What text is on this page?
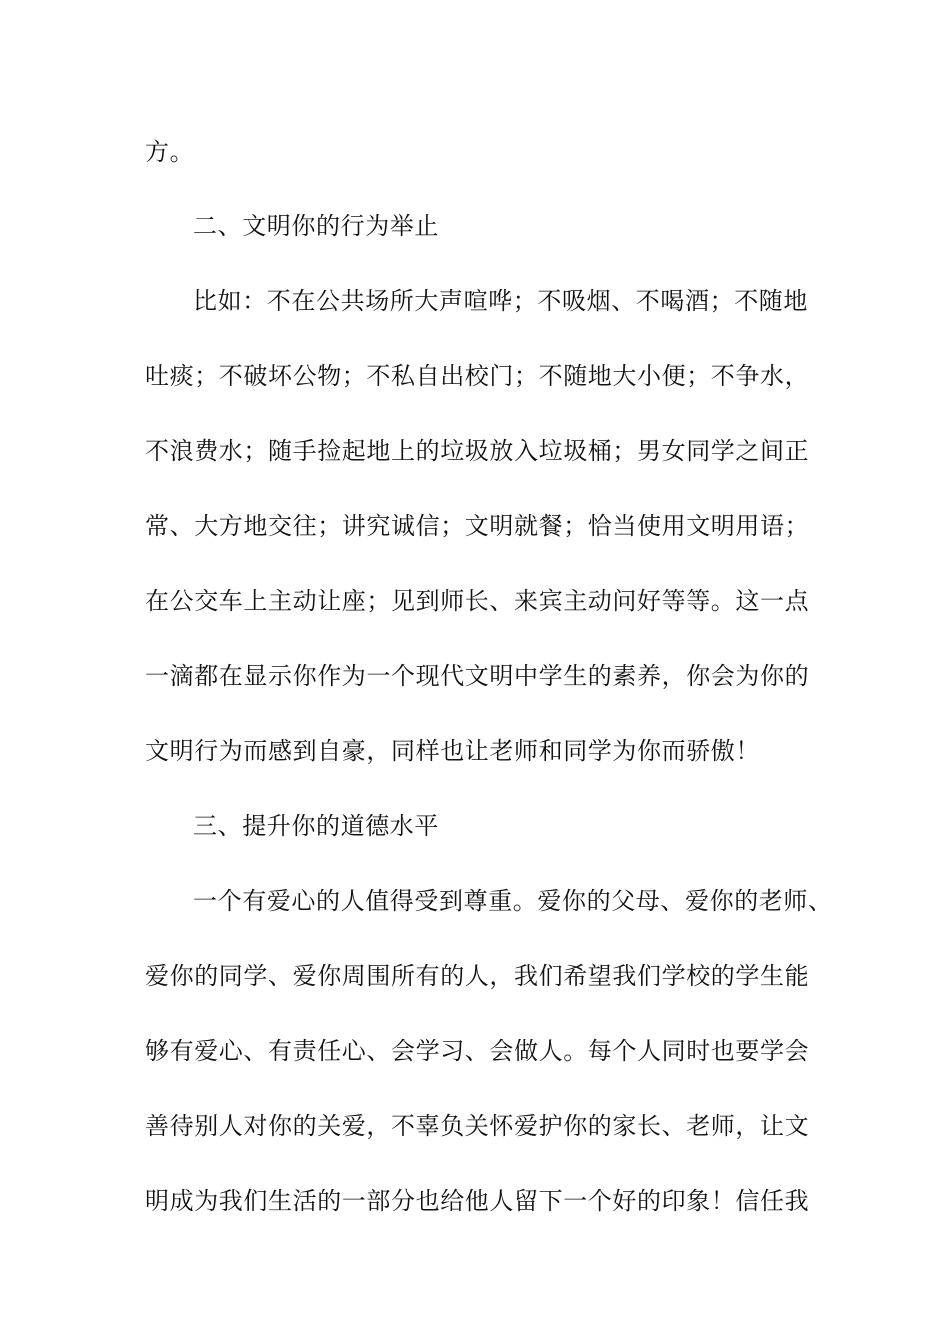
方。
二、文明你的行为举止
比如：不在公共场所大声喧哗；不吸烟、不喝酒；不随地
吐痰；不破坏公物；不私自出校门；不随地大小便；不争水，
不浪费水；随手捡起地上的垃圾放入垃圾桶；男女同学之间正
常、大方地交往；讲究诚信；文明就餐；恰当使用文明用语；
在公交车上主动让座；见到师长、来宾主动问好等等。这一点
一滴都在显示你作为一个现代文明中学生的素养，你会为你的
文明行为而感到自豪，同样也让老师和同学为你而骄傲！
三、提升你的道德水平
一个有爱心的人值得受到尊重。爱你的父母、爱你的老师、
爱你的同学、爱你周围所有的人，我们希望我们学校的学生能
够有爱心、有责任心、会学习、会做人。每个人同时也要学会
善待别人对你的关爱，不辜负关怀爱护你的家长、老师，让文
明成为我们生活的一部分也给他人留下一个好的印象！信任我
